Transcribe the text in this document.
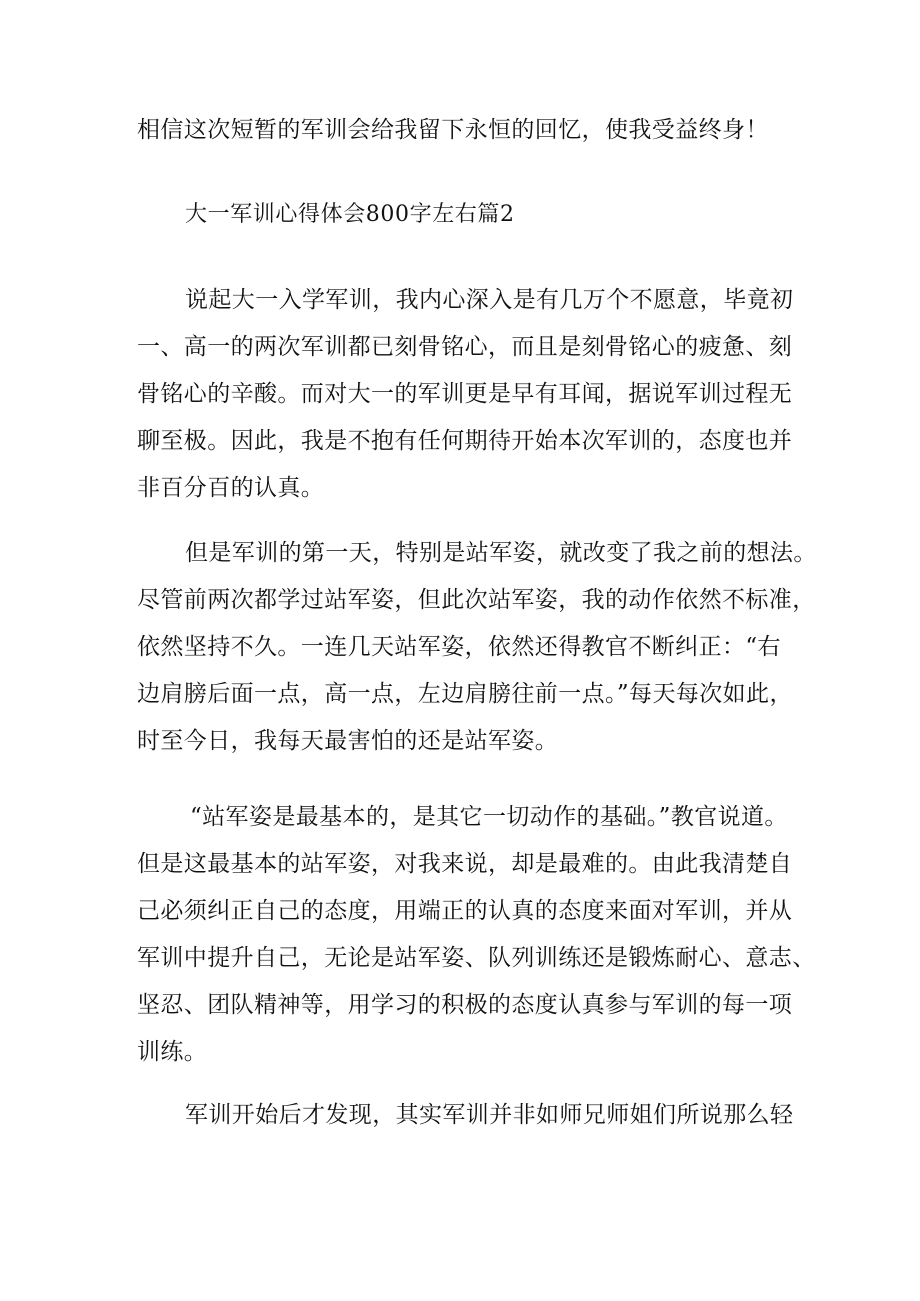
相信这次短暂的军训会给我留下永恒的回忆，使我受益终身！
大一军训心得体会800字左右篇2
说起大一入学军训，我内心深入是有几万个不愿意，毕竟初
一、高一的两次军训都已刻骨铭心，而且是刻骨铭心的疲惫、刻
骨铭心的辛酸。而对大一的军训更是早有耳闻，据说军训过程无
聊至极。因此，我是不抱有任何期待开始本次军训的，态度也并
非百分百的认真。
但是军训的第一天，特别是站军姿，就改变了我之前的想法。
尽管前两次都学过站军姿，但此次站军姿，我的动作依然不标准，
依然坚持不久。一连几天站军姿，依然还得教官不断纠正：“右
边肩膀后面一点，高一点，左边肩膀往前一点。”每天每次如此，
时至今日，我每天最害怕的还是站军姿。
“站军姿是最基本的，是其它一切动作的基础。”教官说道。
但是这最基本的站军姿，对我来说，却是最难的。由此我清楚自
己必须纠正自己的态度，用端正的认真的态度来面对军训，并从
军训中提升自己，无论是站军姿、队列训练还是锻炼耐心、意志、
坚忍、团队精神等，用学习的积极的态度认真参与军训的每一项
训练。
军训开始后才发现，其实军训并非如师兄师姐们所说那么轻
